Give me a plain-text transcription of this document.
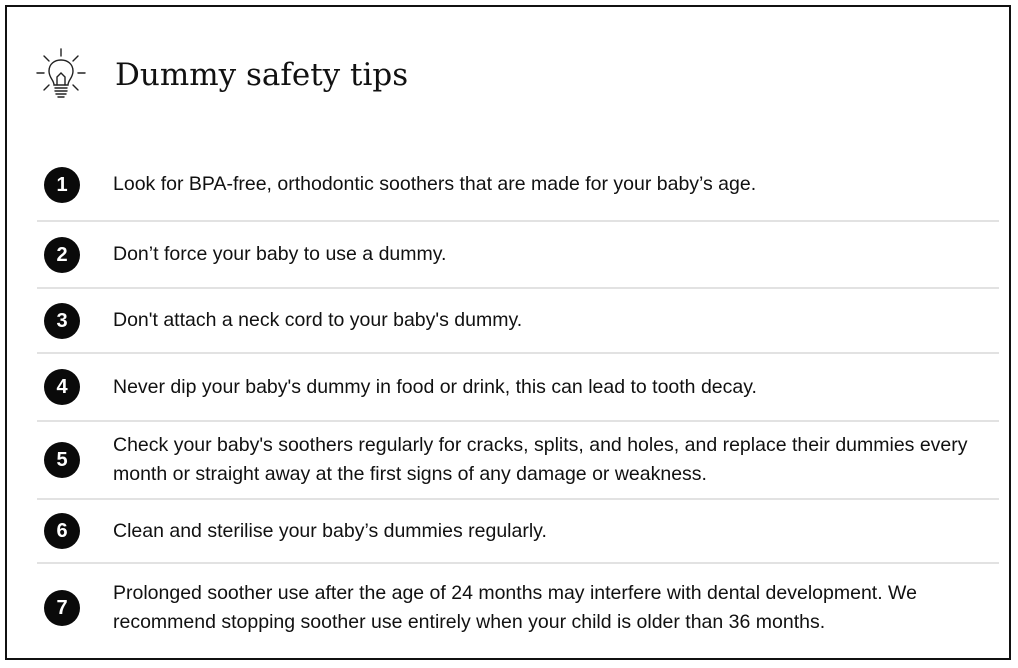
Dummy safety tips
1	Look for BPA-free, orthodontic soothers that are made for your baby’s age.
2	Don’t force your baby to use a dummy.
3	Don't attach a neck cord to your baby's dummy.
4	Never dip your baby's dummy in food or drink, this can lead to tooth decay.
5
Check your baby's soothers regularly for cracks, splits, and holes, and replace their dummies every month or straight away at the first signs of any damage or weakness.
6	Clean and sterilise your baby’s dummies regularly.
7
Prolonged soother use after the age of 24 months may interfere with dental development. We recommend stopping soother use entirely when your child is older than 36 months.
